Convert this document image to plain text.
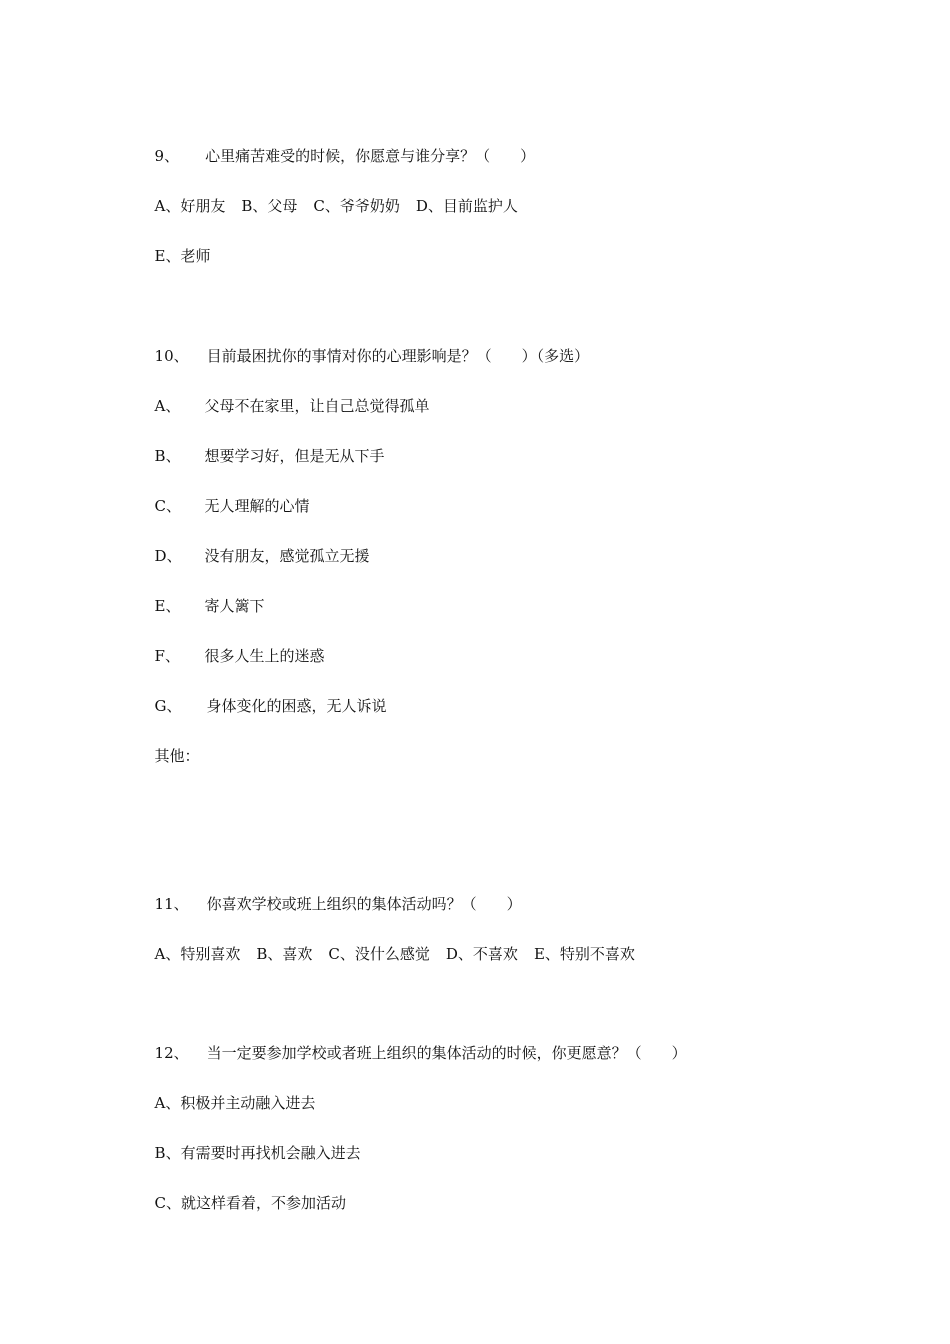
9、 心里痛苦难受的时候，你愿意与谁分享？（　　）

A、好朋友 B、父母 C、爷爷奶奶 D、目前监护人

E、老师

10、 目前最困扰你的事情对你的心理影响是？（　　）（多选）

A、 父母不在家里，让自己总觉得孤单

B、 想要学习好，但是无从下手

C、 无人理解的心情

D、 没有朋友，感觉孤立无援

E、 寄人篱下

F、 很多人生上的迷惑

G、 身体变化的困惑，无人诉说

其他：

11、 你喜欢学校或班上组织的集体活动吗？（　　）

A、特别喜欢 B、喜欢 C、没什么感觉 D、不喜欢 E、特别不喜欢

12、 当一定要参加学校或者班上组织的集体活动的时候，你更愿意？（　　）

A、积极并主动融入进去

B、有需要时再找机会融入进去

C、就这样看着，不参加活动
